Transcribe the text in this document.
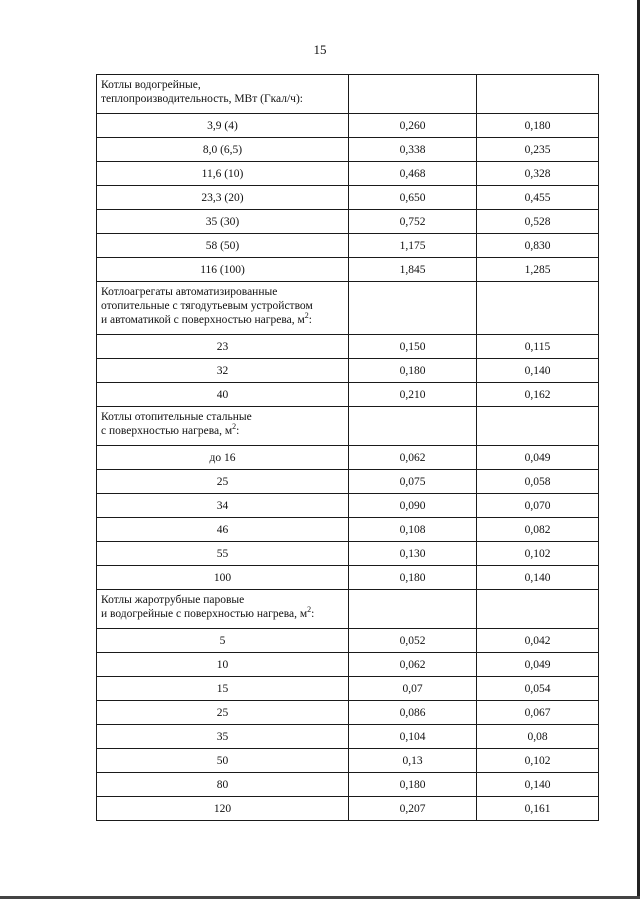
15
Котлы водогрейные,
теплопроизводительность, МВт (Гкал/ч):		

3,9 (4)	0,260	0,180
8,0 (6,5)	0,338	0,235
11,6 (10)	0,468	0,328
23,3 (20)	0,650	0,455
35 (30)	0,752	0,528
58 (50)	1,175	0,830
116 (100)	1,845	1,285

Котлоагрегаты автоматизированные
отопительные с тягодутьевым устройством
и автоматикой с поверхностью нагрева, $м^2$:		

23	0,150	0,115
32	0,180	0,140
40	0,210	0,162

Котлы отопительные стальные
с поверхностью нагрева, $м^2$:		

до 16	0,062	0,049
25	0,075	0,058
34	0,090	0,070
46	0,108	0,082
55	0,130	0,102
100	0,180	0,140

Котлы жаротрубные паровые
и водогрейные с поверхностью нагрева, $м^2$:		

5	0,052	0,042
10	0,062	0,049
15	0,07	0,054
25	0,086	0,067
35	0,104	0,08
50	0,13	0,102
80	0,180	0,140
120	0,207	0,161
